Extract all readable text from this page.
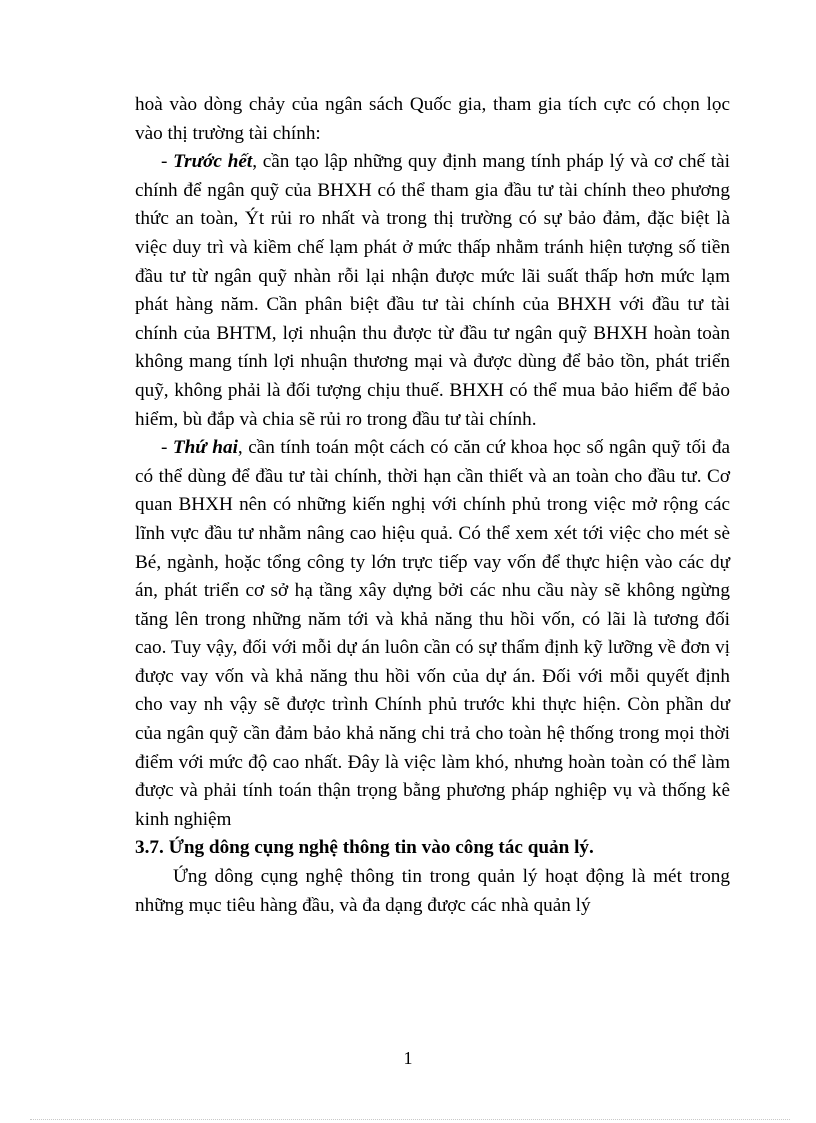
hoà vào dòng chảy của ngân sách Quốc gia, tham gia tích cực có chọn lọc vào thị trường tài chính:

- Trước hết, cần tạo lập những quy định mang tính pháp lý và cơ chế tài chính để ngân quỹ của BHXH có thể tham gia đầu tư tài chính theo phương thức an toàn, Ýt rủi ro nhất và trong thị trường có sự bảo đảm, đặc biệt là việc duy trì và kiềm chế lạm phát ở mức thấp nhằm tránh hiện tượng số tiền đầu tư từ ngân quỹ nhàn rỗi lại nhận được mức lãi suất thấp hơn mức lạm phát hàng năm. Cần phân biệt đầu tư tài chính của BHXH với đầu tư tài chính của BHTM, lợi nhuận thu được từ đầu tư ngân quỹ BHXH hoàn toàn không mang tính lợi nhuận thương mại và được dùng để bảo tồn, phát triển quỹ, không phải là đối tượng chịu thuế. BHXH có thể mua bảo hiểm để bảo hiểm, bù đắp và chia sẽ rủi ro trong đầu tư tài chính.

- Thứ hai, cần tính toán một cách có căn cứ khoa học số ngân quỹ tối đa có thể dùng để đầu tư tài chính, thời hạn cần thiết và an toàn cho đầu tư. Cơ quan BHXH nên có những kiến nghị với chính phủ trong việc mở rộng các lĩnh vực đầu tư nhằm nâng cao hiệu quả. Có thể xem xét tới việc cho mét sè Bé, ngành, hoặc tổng công ty lớn trực tiếp vay vốn để thực hiện vào các dự án, phát triển cơ sở hạ tầng xây dựng bởi các nhu cầu này sẽ không ngừng tăng lên trong những năm tới và khả năng thu hồi vốn, có lãi là tương đối cao. Tuy vậy, đối với mỗi dự án luôn cần có sự thẩm định kỹ lưỡng về đơn vị được vay vốn và khả năng thu hồi vốn của dự án. Đối với mỗi quyết định cho vay nh vậy sẽ được trình Chính phủ trước khi thực hiện. Còn phần dư của ngân quỹ cần đảm bảo khả năng chi trả cho toàn hệ thống trong mọi thời điểm với mức độ cao nhất. Đây là việc làm khó, nhưng hoàn toàn có thể làm được và phải tính toán thận trọng bằng phương pháp nghiệp vụ và thống kê kinh nghiệm

3.7. Ứng dông cụng nghệ thông tin vào công tác quản lý.

Ứng dông cụng nghệ thông tin trong quản lý hoạt động là mét trong những mục tiêu hàng đầu, và đa dạng được các nhà quản lý

1
